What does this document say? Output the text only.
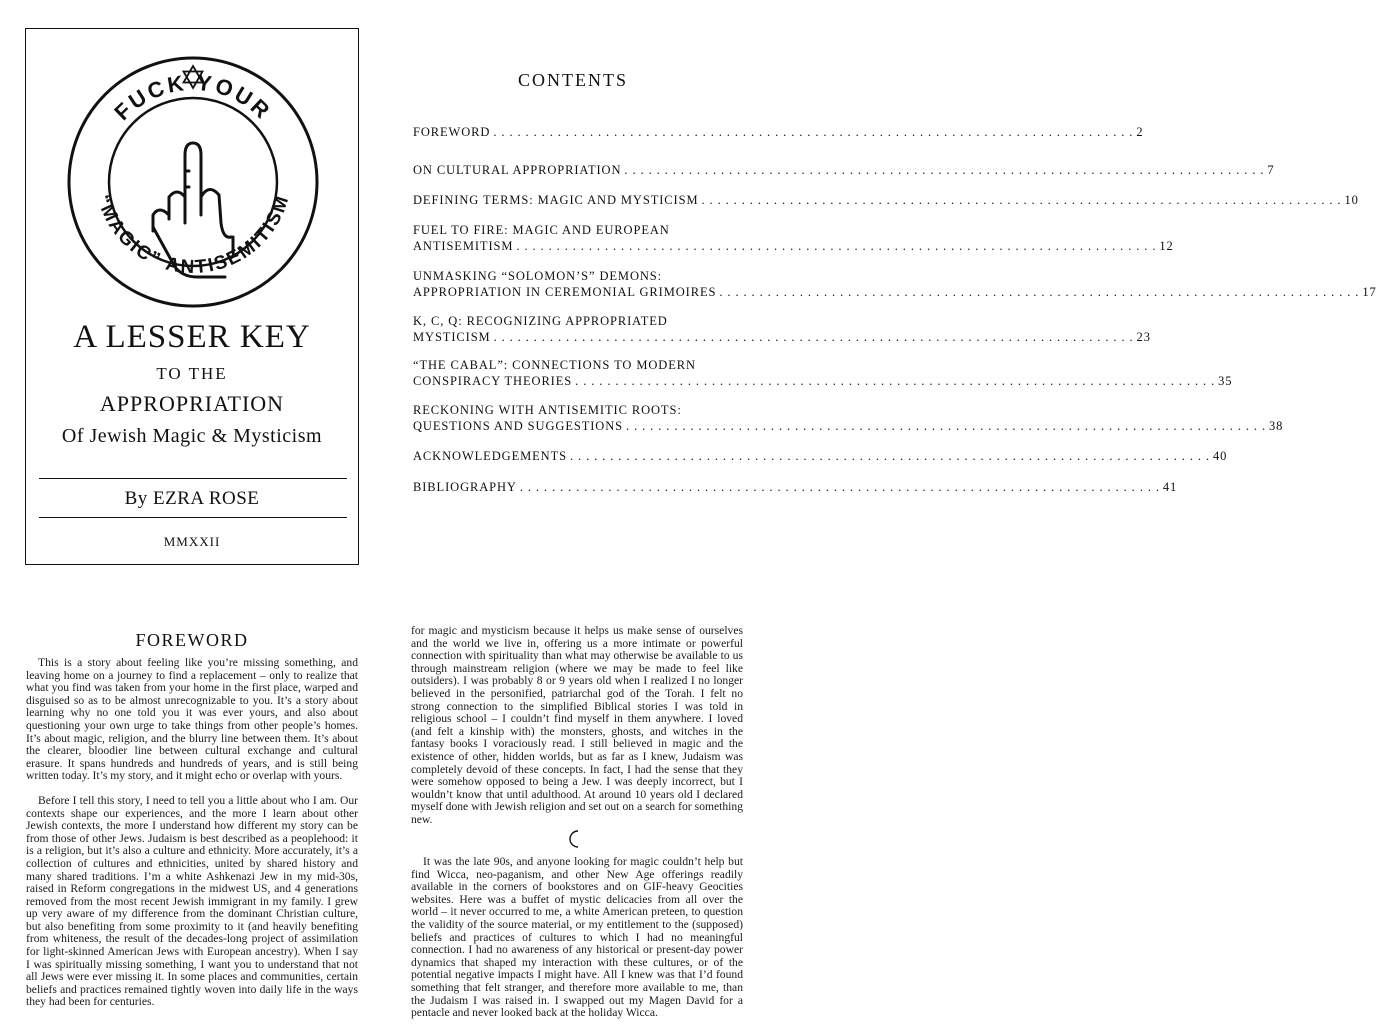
FUCK YOUR
“MAGIC” ANTISEMITISM
A LESSER KEY
TO THE
APPROPRIATION
Of Jewish Magic & Mysticism
By EZRA ROSE
MMXXII
CONTENTS
FOREWORD . . . . . . . . . . . . . . . . . . . . . . . . . . . . . . . . . . . . . . . . . . . . . . . . . . . . . . . . . . . . . . . . . . . . . . . . . . . . . . . . 2
ON CULTURAL APPROPRIATION . . . . . . . . . . . . . . . . . . . . . . . . . . . . . . . . . . . . . . . . . . . . . . . . . . . . . . . . . . . . . . . . . . . . . . . . . . . . . . . . 7
DEFINING TERMS: MAGIC AND MYSTICISM . . . . . . . . . . . . . . . . . . . . . . . . . . . . . . . . . . . . . . . . . . . . . . . . . . . . . . . . . . . . . . . . . . . . . . . . . . . . . . . . 10
FUEL TO FIRE: MAGIC AND EUROPEAN
ANTISEMITISM . . . . . . . . . . . . . . . . . . . . . . . . . . . . . . . . . . . . . . . . . . . . . . . . . . . . . . . . . . . . . . . . . . . . . . . . . . . . . . . . 12
UNMASKING “SOLOMON’S” DEMONS:
APPROPRIATION IN CEREMONIAL GRIMOIRES . . . . . . . . . . . . . . . . . . . . . . . . . . . . . . . . . . . . . . . . . . . . . . . . . . . . . . . . . . . . . . . . . . . . . . . . . . . . . . . . 17
K, C, Q: RECOGNIZING APPROPRIATED
MYSTICISM . . . . . . . . . . . . . . . . . . . . . . . . . . . . . . . . . . . . . . . . . . . . . . . . . . . . . . . . . . . . . . . . . . . . . . . . . . . . . . . . 23
“THE CABAL”: CONNECTIONS TO MODERN
CONSPIRACY THEORIES . . . . . . . . . . . . . . . . . . . . . . . . . . . . . . . . . . . . . . . . . . . . . . . . . . . . . . . . . . . . . . . . . . . . . . . . . . . . . . . . 35
RECKONING WITH ANTISEMITIC ROOTS:
QUESTIONS AND SUGGESTIONS . . . . . . . . . . . . . . . . . . . . . . . . . . . . . . . . . . . . . . . . . . . . . . . . . . . . . . . . . . . . . . . . . . . . . . . . . . . . . . . . 38
ACKNOWLEDGEMENTS . . . . . . . . . . . . . . . . . . . . . . . . . . . . . . . . . . . . . . . . . . . . . . . . . . . . . . . . . . . . . . . . . . . . . . . . . . . . . . . . 40
BIBLIOGRAPHY . . . . . . . . . . . . . . . . . . . . . . . . . . . . . . . . . . . . . . . . . . . . . . . . . . . . . . . . . . . . . . . . . . . . . . . . . . . . . . . . 41
FOREWORD

This is a story about feeling like you’re missing something, and leaving home on a journey to find a replacement – only to realize that what you find was taken from your home in the first place, warped and disguised so as to be almost unrecognizable to you. It’s a story about learning why no one told you it was ever yours, and also about questioning your own urge to take things from other people’s homes. It’s about magic, religion, and the blurry line between them. It’s about the clearer, bloodier line between cultural exchange and cultural erasure. It spans hundreds and hundreds of years, and is still being written today. It’s my story, and it might echo or overlap with yours.

Before I tell this story, I need to tell you a little about who I am. Our contexts shape our experiences, and the more I learn about other Jewish contexts, the more I understand how different my story can be from those of other Jews. Judaism is best described as a peoplehood: it is a religion, but it’s also a culture and ethnicity. More accurately, it’s a collection of cultures and ethnicities, united by shared history and many shared traditions. I’m a white Ashkenazi Jew in my mid-30s, raised in Reform congregations in the midwest US, and 4 generations removed from the most recent Jewish immigrant in my family. I grew up very aware of my difference from the dominant Christian culture, but also benefiting from some proximity to it (and heavily benefiting from whiteness, the result of the decades-long project of assimilation for light-skinned American Jews with European ancestry). When I say I was spiritually missing something, I want you to understand that not all Jews were ever missing it. In some places and communities, certain beliefs and practices remained tightly woven into daily life in the ways they had been for centuries.

for magic and mysticism because it helps us make sense of ourselves and the world we live in, offering us a more intimate or powerful connection with spirituality than what may otherwise be available to us through mainstream religion (where we may be made to feel like outsiders). I was probably 8 or 9 years old when I realized I no longer believed in the personified, patriarchal god of the Torah. I felt no strong connection to the simplified Biblical stories I was told in religious school – I couldn’t find myself in them anywhere. I loved (and felt a kinship with) the monsters, ghosts, and witches in the fantasy books I voraciously read. I still believed in magic and the existence of other, hidden worlds, but as far as I knew, Judaism was completely devoid of these concepts. In fact, I had the sense that they were somehow opposed to being a Jew. I was deeply incorrect, but I wouldn’t know that until adulthood. At around 10 years old I declared myself done with Jewish religion and set out on a search for something new.

It was the late 90s, and anyone looking for magic couldn’t help but find Wicca, neo-paganism, and other New Age offerings readily available in the corners of bookstores and on GIF-heavy Geocities websites. Here was a buffet of mystic delicacies from all over the world – it never occurred to me, a white American preteen, to question the validity of the source material, or my entitlement to the (supposed) beliefs and practices of cultures to which I had no meaningful connection. I had no awareness of any historical or present-day power dynamics that shaped my interaction with these cultures, or of the potential negative impacts I might have. All I knew was that I’d found something that felt stranger, and therefore more available to me, than the Judaism I was raised in. I swapped out my Magen David for a pentacle and never looked back at the holiday Wicca.
